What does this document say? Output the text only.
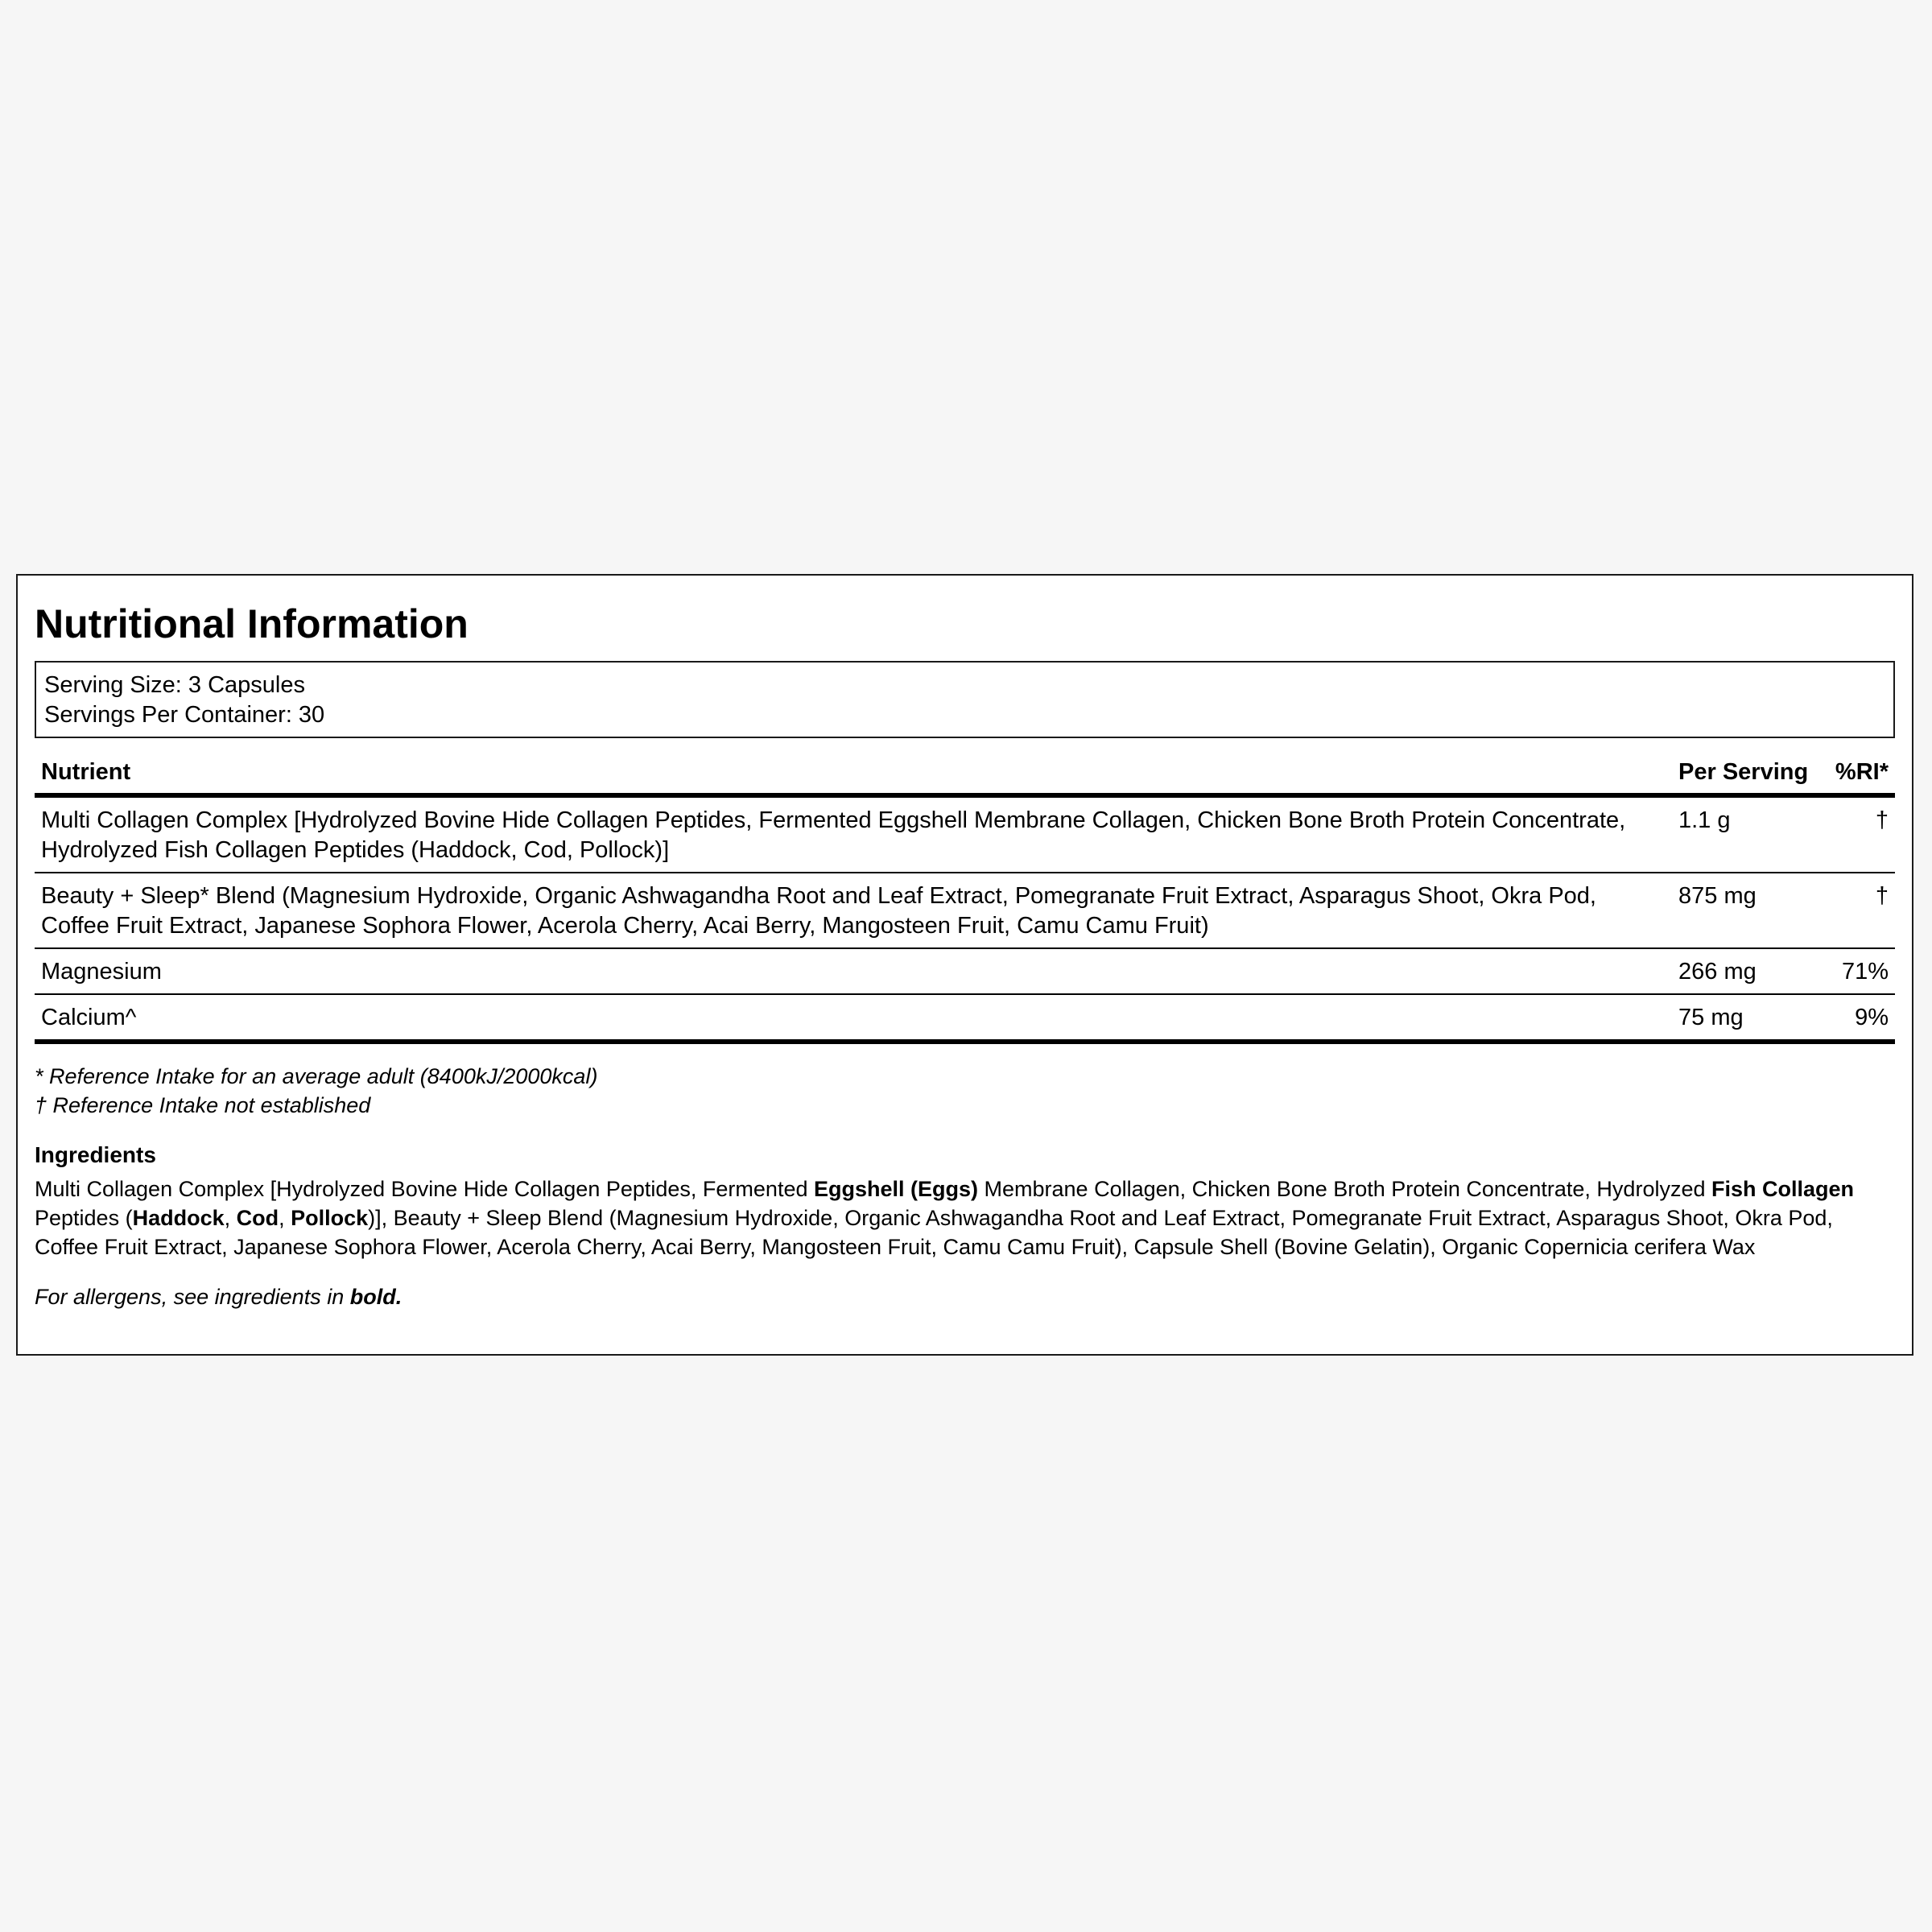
Nutritional Information
Serving Size: 3 Capsules
Servings Per Container: 30
Nutrient	Per Serving	%RI*
Multi Collagen Complex [Hydrolyzed Bovine Hide Collagen Peptides, Fermented Eggshell Membrane Collagen, Chicken Bone Broth Protein Concentrate, Hydrolyzed Fish Collagen Peptides (Haddock, Cod, Pollock)]	1.1 g	†
Beauty + Sleep* Blend (Magnesium Hydroxide, Organic Ashwagandha Root and Leaf Extract, Pomegranate Fruit Extract, Asparagus Shoot, Okra Pod, Coffee Fruit Extract, Japanese Sophora Flower, Acerola Cherry, Acai Berry, Mangosteen Fruit, Camu Camu Fruit)	875 mg	†
Magnesium	266 mg	71%
Calcium^	75 mg	9%
* Reference Intake for an average adult (8400kJ/2000kcal)
† Reference Intake not established
Ingredients
Multi Collagen Complex [Hydrolyzed Bovine Hide Collagen Peptides, Fermented Eggshell (Eggs) Membrane Collagen, Chicken Bone Broth Protein Concentrate, Hydrolyzed Fish Collagen Peptides (Haddock, Cod, Pollock)], Beauty + Sleep Blend (Magnesium Hydroxide, Organic Ashwagandha Root and Leaf Extract, Pomegranate Fruit Extract, Asparagus Shoot, Okra Pod, Coffee Fruit Extract, Japanese Sophora Flower, Acerola Cherry, Acai Berry, Mangosteen Fruit, Camu Camu Fruit), Capsule Shell (Bovine Gelatin), Organic Copernicia cerifera Wax
For allergens, see ingredients in bold.
